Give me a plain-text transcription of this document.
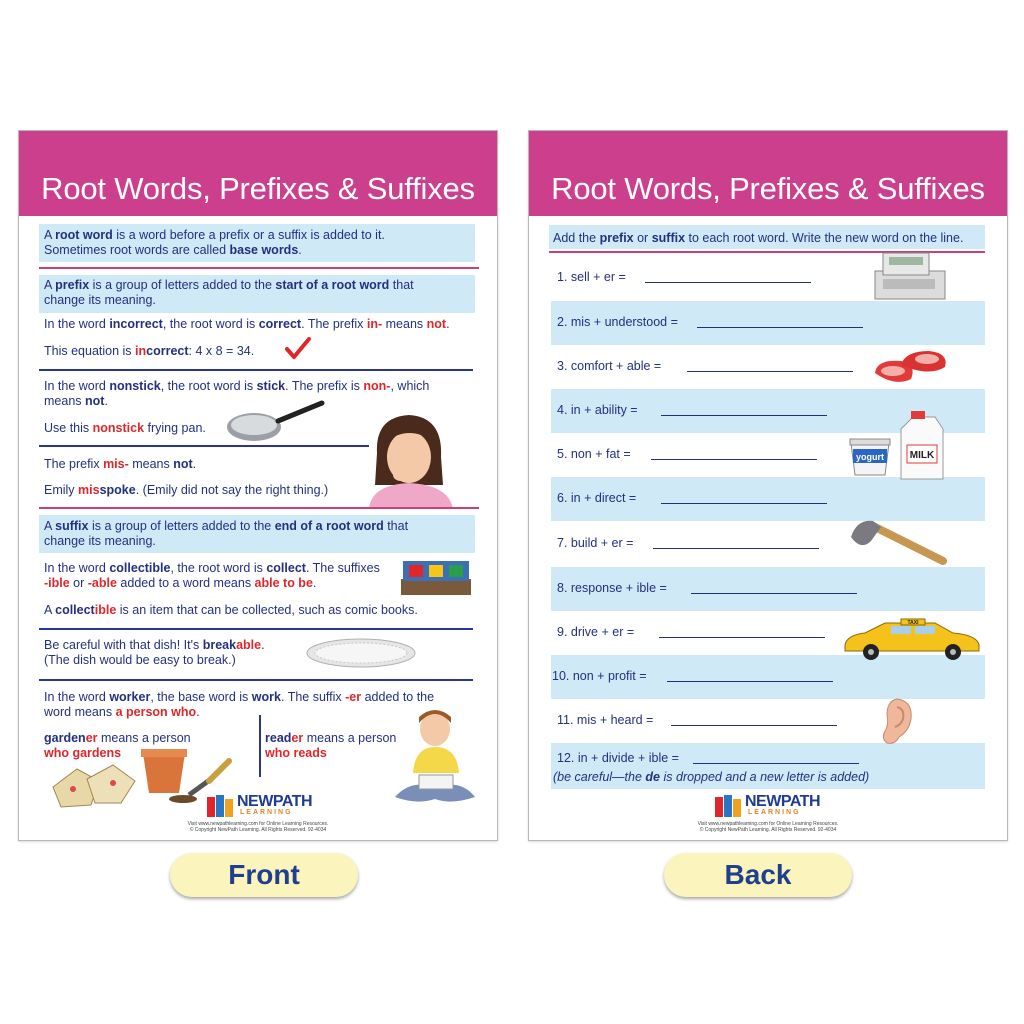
Root Words, Prefixes & Suffixes
A root word is a word before a prefix or a suffix is added to it.
Sometimes root words are called base words.
A prefix is a group of letters added to the start of a root word that
change its meaning.
In the word incorrect, the root word is correct. The prefix in- means not.
This equation is incorrect: 4 x 8 = 34.
In the word nonstick, the root word is stick. The prefix is non-, which
means not.
Use this nonstick frying pan.
The prefix mis- means not.
Emily misspoke. (Emily did not say the right thing.)
A suffix is a group of letters added to the end of a root word that
change its meaning.
In the word collectible, the root word is collect. The suffixes
-ible or -able added to a word means able to be.
A collectible is an item that can be collected, such as comic books.
Be careful with that dish! It's breakable.
(The dish would be easy to break.)
In the word worker, the base word is work. The suffix -er added to the
word means a person who.
gardener means a person
who gardens
reader means a person
who reads
NEWPATH
LEARNING
Visit www.newpathlearning.com for Online Learning Resources.
© Copyright NewPath Learning. All Rights Reserved. 92-4034
Root Words, Prefixes & Suffixes
Add the prefix or suffix to each root word. Write the new word on the line.
1. sell + er =
2. mis + understood =
3. comfort + able =
4. in + ability =
5. non + fat =
6. in + direct =
7. build + er =
8. response + ible =
9. drive + er =
10. non + profit =
11. mis + heard =
12. in + divide + ible =
(be careful—the de is dropped and a new letter is added)
yogurt	MILK
TAXI
NEWPATH
LEARNING
Visit www.newpathlearning.com for Online Learning Resources.
© Copyright NewPath Learning. All Rights Reserved. 92-4034
Front	Back
